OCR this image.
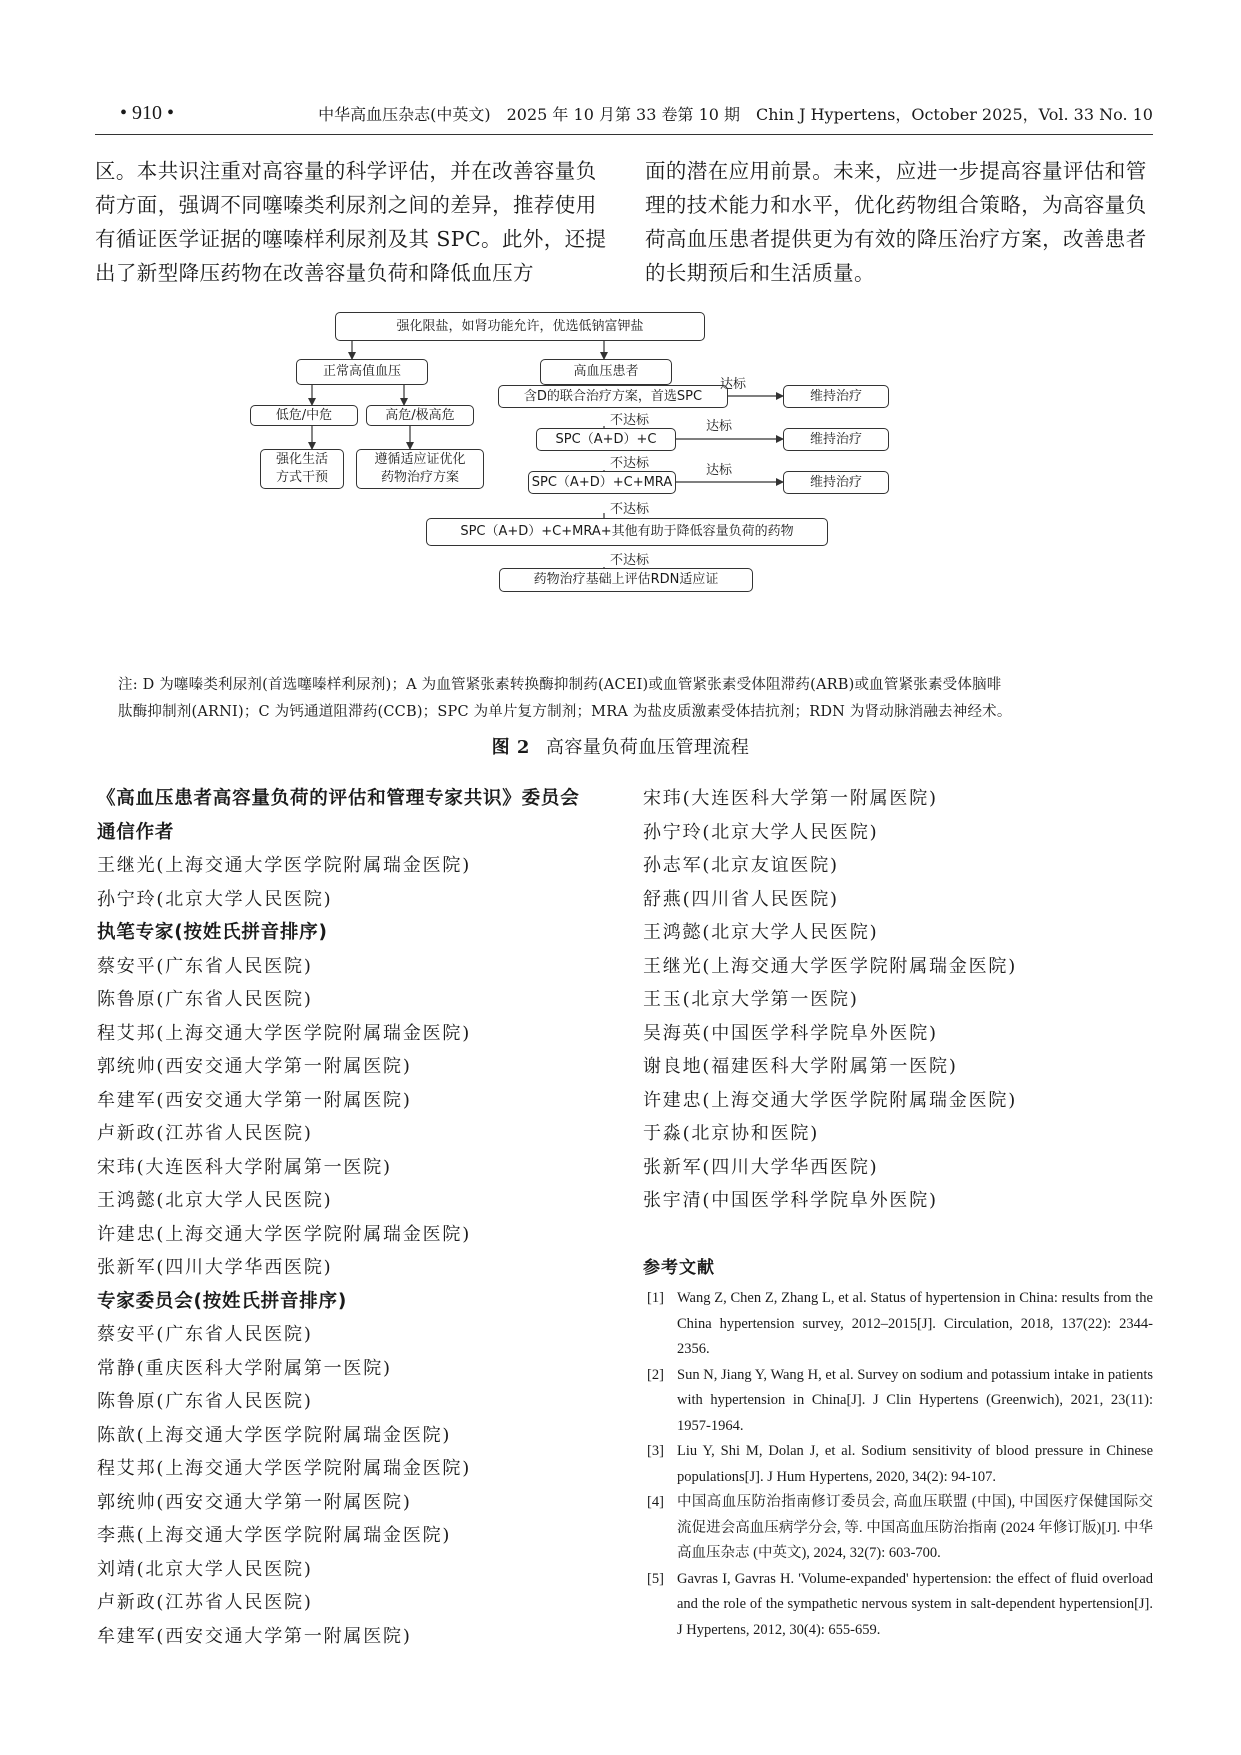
• 910 •	中华高血压杂志(中英文)　2025 年 10 月第 33 卷第 10 期　Chin J Hypertens，October 2025，Vol. 33 No. 10

区。本共识注重对高容量的科学评估，并在改善容量负荷方面，强调不同噻嗪类利尿剂之间的差异，推荐使用有循证医学证据的噻嗪样利尿剂及其 SPC。此外，还提出了新型降压药物在改善容量负荷和降低血压方

面的潜在应用前景。未来，应进一步提高容量评估和管理的技术能力和水平，优化药物组合策略，为高容量负荷高血压患者提供更为有效的降压治疗方案，改善患者的长期预后和生活质量。

强化限盐，如肾功能允许，优选低钠富钾盐
正常高值血压	高血压患者
低危/中危	高危/极高危
强化生活
方式干预
遵循适应证优化
药物治疗方案
含D的联合治疗方案，首选SPC
SPC（A+D）+C
SPC（A+D）+C+MRA
SPC（A+D）+C+MRA+其他有助于降低容量负荷的药物
药物治疗基础上评估RDN适应证
维持治疗
维持治疗
维持治疗
达标
达标
达标
不达标
不达标
不达标
不达标
注: D 为噻嗪类利尿剂(首选噻嗪样利尿剂)；A 为血管紧张素转换酶抑制药(ACEI)或血管紧张素受体阻滞药(ARB)或血管紧张素受体脑啡
肽酶抑制剂(ARNI)；C 为钙通道阻滞药(CCB)；SPC 为单片复方制剂；MRA 为盐皮质激素受体拮抗剂；RDN 为肾动脉消融去神经术。
图 2 高容量负荷血压管理流程
《高血压患者高容量负荷的评估和管理专家共识》委员会
通信作者
王继光(上海交通大学医学院附属瑞金医院)
孙宁玲(北京大学人民医院)
执笔专家(按姓氏拼音排序)
蔡安平(广东省人民医院)
陈鲁原(广东省人民医院)
程艾邦(上海交通大学医学院附属瑞金医院)
郭统帅(西安交通大学第一附属医院)
牟建军(西安交通大学第一附属医院)
卢新政(江苏省人民医院)
宋玮(大连医科大学附属第一医院)
王鸿懿(北京大学人民医院)
许建忠(上海交通大学医学院附属瑞金医院)
张新军(四川大学华西医院)
专家委员会(按姓氏拼音排序)
蔡安平(广东省人民医院)
常静(重庆医科大学附属第一医院)
陈鲁原(广东省人民医院)
陈歆(上海交通大学医学院附属瑞金医院)
程艾邦(上海交通大学医学院附属瑞金医院)
郭统帅(西安交通大学第一附属医院)
李燕(上海交通大学医学院附属瑞金医院)
刘靖(北京大学人民医院)
卢新政(江苏省人民医院)
牟建军(西安交通大学第一附属医院)
宋玮(大连医科大学第一附属医院)
孙宁玲(北京大学人民医院)
孙志军(北京友谊医院)
舒燕(四川省人民医院)
王鸿懿(北京大学人民医院)
王继光(上海交通大学医学院附属瑞金医院)
王玉(北京大学第一医院)
吴海英(中国医学科学院阜外医院)
谢良地(福建医科大学附属第一医院)
许建忠(上海交通大学医学院附属瑞金医院)
于淼(北京协和医院)
张新军(四川大学华西医院)
张宇清(中国医学科学院阜外医院)
参考文献
[1] Wang Z, Chen Z, Zhang L, et al. Status of hypertension in China: results from the China hypertension survey, 2012–2015[J]. Circulation, 2018, 137(22): 2344-2356.
[2] Sun N, Jiang Y, Wang H, et al. Survey on sodium and potassium intake in patients with hypertension in China[J]. J Clin Hypertens (Greenwich), 2021, 23(11): 1957-1964.
[3] Liu Y, Shi M, Dolan J, et al. Sodium sensitivity of blood pressure in Chinese populations[J]. J Hum Hypertens, 2020, 34(2): 94-107.
[4] 中国高血压防治指南修订委员会, 高血压联盟 (中国), 中国医疗保健国际交流促进会高血压病学分会, 等. 中国高血压防治指南 (2024 年修订版)[J]. 中华高血压杂志 (中英文), 2024, 32(7): 603-700.
[5] Gavras I, Gavras H. 'Volume-expanded' hypertension: the effect of fluid overload and the role of the sympathetic nervous system in salt-dependent hypertension[J]. J Hypertens, 2012, 30(4): 655-659.
